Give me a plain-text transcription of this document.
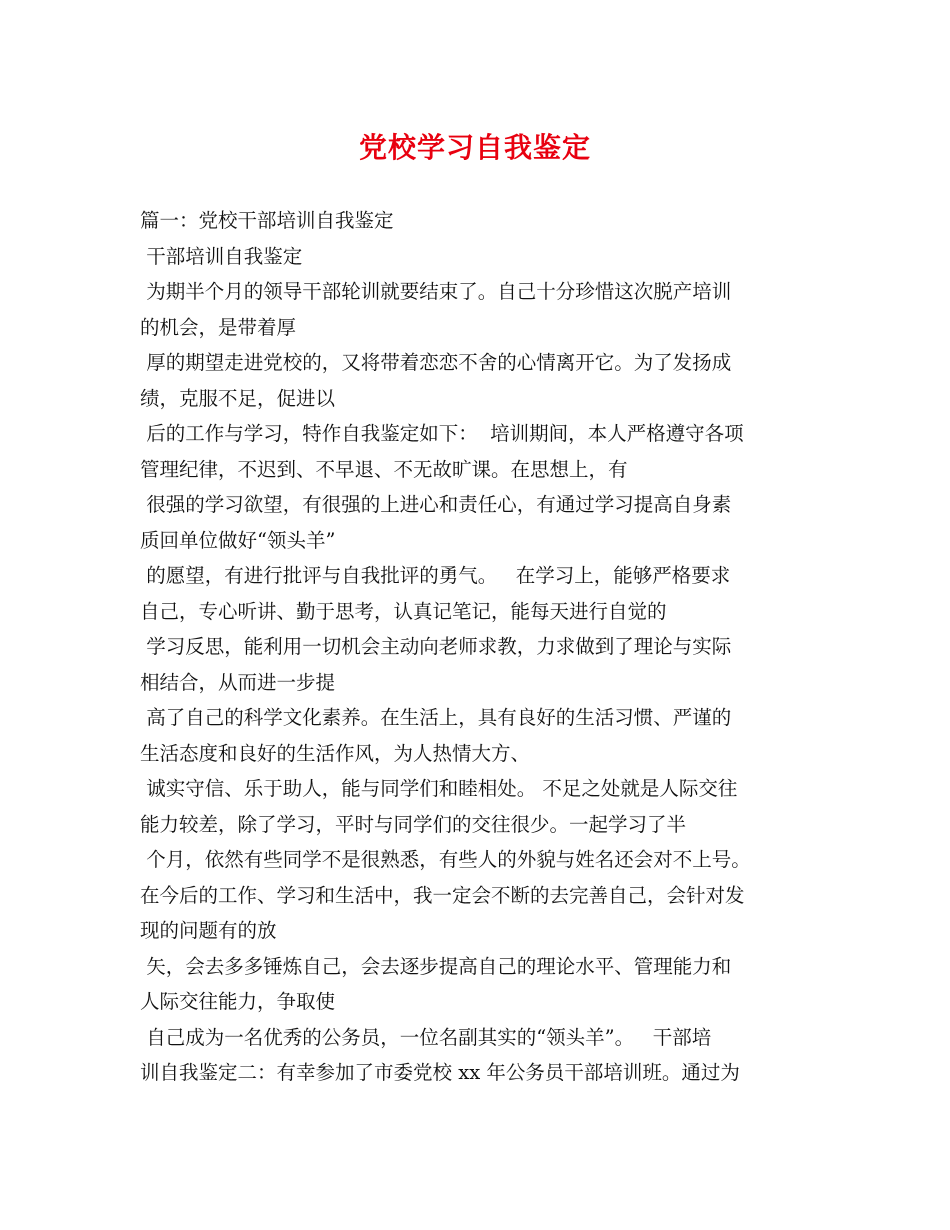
党校学习自我鉴定
篇一：党校干部培训自我鉴定
干部培训自我鉴定
为期半个月的领导干部轮训就要结束了。自己十分珍惜这次脱产培训
的机会，是带着厚
厚的期望走进党校的，又将带着恋恋不舍的心情离开它。为了发扬成
绩，克服不足，促进以
后的工作与学习，特作自我鉴定如下：  培训期间，本人严格遵守各项
管理纪律，不迟到、不早退、不无故旷课。在思想上，有
很强的学习欲望，有很强的上进心和责任心，有通过学习提高自身素
质回单位做好“领头羊”
的愿望，有进行批评与自我批评的勇气。   在学习上，能够严格要求
自己，专心听讲、勤于思考，认真记笔记，能每天进行自觉的
学习反思，能利用一切机会主动向老师求教，力求做到了理论与实际
相结合，从而进一步提
高了自己的科学文化素养。在生活上，具有良好的生活习惯、严谨的
生活态度和良好的生活作风，为人热情大方、
诚实守信、乐于助人，能与同学们和睦相处。 不足之处就是人际交往
能力较差，除了学习，平时与同学们的交往很少。一起学习了半
个月，依然有些同学不是很熟悉，有些人的外貌与姓名还会对不上号。
在今后的工作、学习和生活中，我一定会不断的去完善自己，会针对发
现的问题有的放
矢，会去多多锤炼自己，会去逐步提高自己的理论水平、管理能力和
人际交往能力，争取使
自己成为一名优秀的公务员，一位名副其实的“领头羊”。   干部培
训自我鉴定二：有幸参加了市委党校 xx 年公务员干部培训班。通过为
